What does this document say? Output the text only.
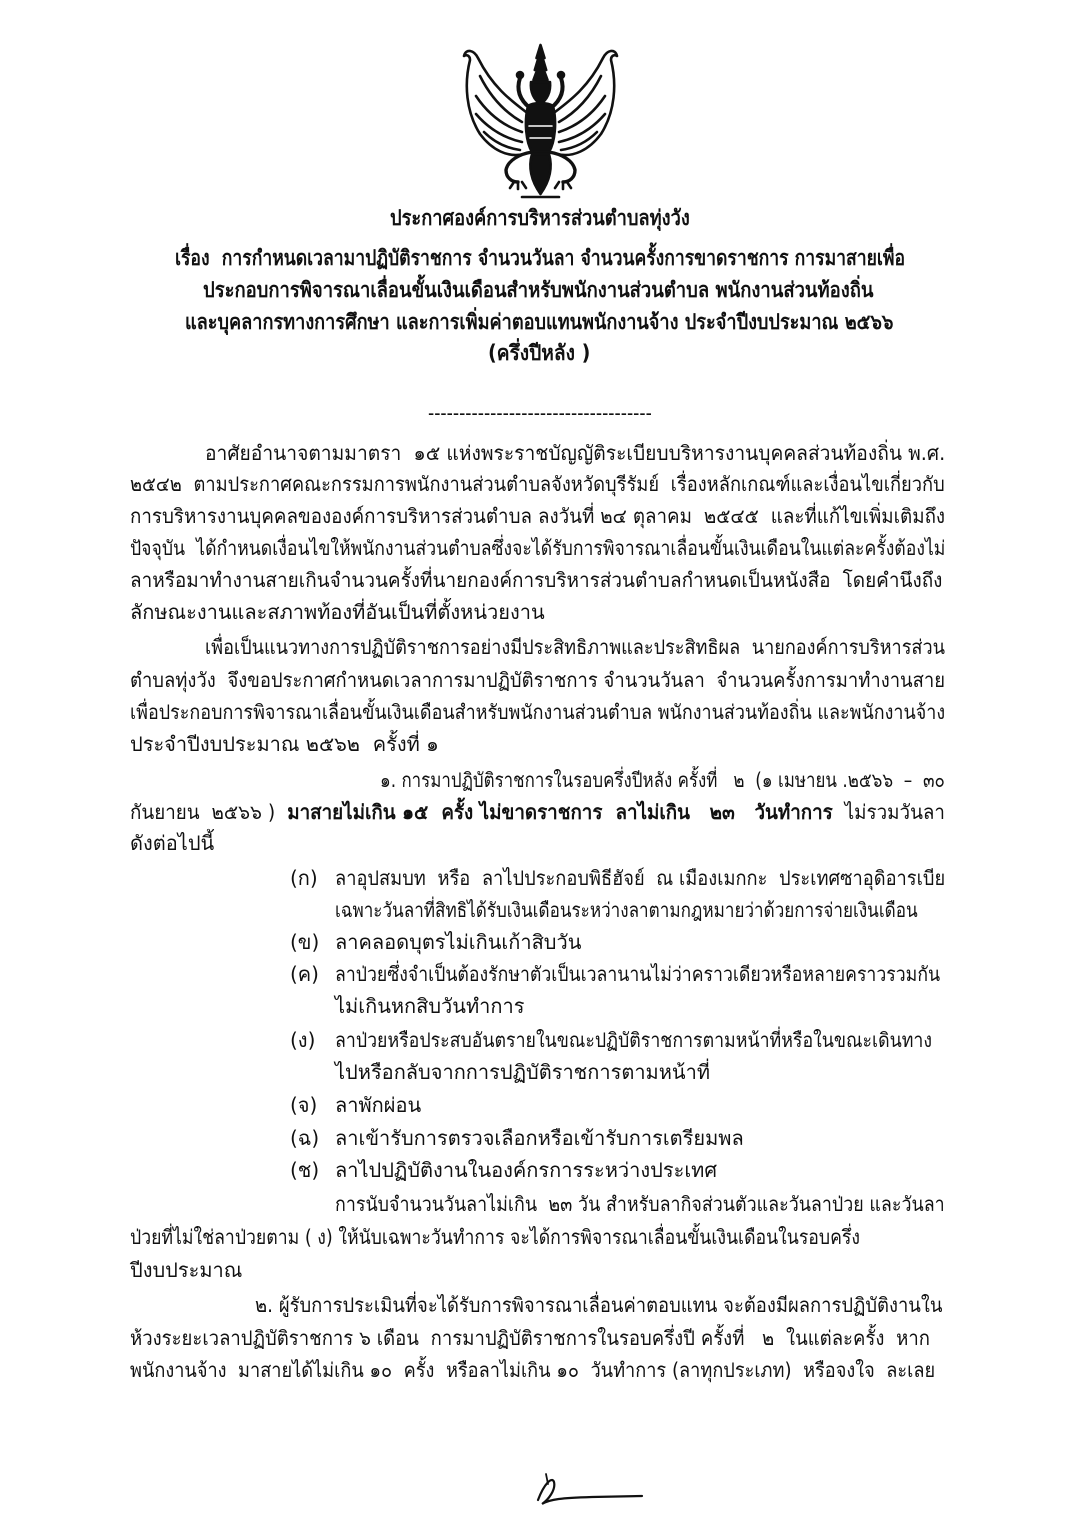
ประกาศองค์การบริหารส่วนตำบลทุ่งวัง
เรื่อง  การกำหนดเวลามาปฏิบัติราชการ จำนวนวันลา จำนวนครั้งการขาดราชการ การมาสายเพื่อ
ประกอบการพิจารณาเลื่อนขั้นเงินเดือนสำหรับพนักงานส่วนตำบล พนักงานส่วนท้องถิ่น
และบุคลากรทางการศึกษา และการเพิ่มค่าตอบแทนพนักงานจ้าง ประจำปีงบประมาณ ๒๕๖๖
(ครึ่งปีหลัง )
------------------------------------
อาศัยอำนาจตามมาตรา  ๑๕ แห่งพระราชบัญญัติระเบียบบริหารงานบุคคลส่วนท้องถิ่น พ.ศ.
๒๕๔๒  ตามประกาศคณะกรรมการพนักงานส่วนตำบลจังหวัดบุรีรัมย์  เรื่องหลักเกณฑ์และเงื่อนไขเกี่ยวกับ
การบริหารงานบุคคลขององค์การบริหารส่วนตำบล ลงวันที่ ๒๔ ตุลาคม  ๒๕๔๕  และที่แก้ไขเพิ่มเติมถึง
ปัจจุบัน  ได้กำหนดเงื่อนไขให้พนักงานส่วนตำบลซึ่งจะได้รับการพิจารณาเลื่อนขั้นเงินเดือนในแต่ละครั้งต้องไม่
ลาหรือมาทำงานสายเกินจำนวนครั้งที่นายกองค์การบริหารส่วนตำบลกำหนดเป็นหนังสือ  โดยคำนึงถึง
ลักษณะงานและสภาพท้องที่อันเป็นที่ตั้งหน่วยงาน
เพื่อเป็นแนวทางการปฏิบัติราชการอย่างมีประสิทธิภาพและประสิทธิผล  นายกองค์การบริหารส่วน
ตำบลทุ่งวัง  จึงขอประกาศกำหนดเวลาการมาปฏิบัติราชการ จำนวนวันลา  จำนวนครั้งการมาทำงานสาย
เพื่อประกอบการพิจารณาเลื่อนขั้นเงินเดือนสำหรับพนักงานส่วนตำบล พนักงานส่วนท้องถิ่น และพนักงานจ้าง
ประจำปีงบประมาณ ๒๕๖๒  ครั้งที่ ๑
๑. การมาปฏิบัติราชการในรอบครึ่งปีหลัง ครั้งที่   ๒  (๑ เมษายน .๒๕๖๖  –  ๓๐
กันยายน  ๒๕๖๖ )  มาสายไม่เกิน ๑๕  ครั้ง ไม่ขาดราชการ  ลาไม่เกิน   ๒๓   วันทำการ  ไม่รวมวันลา
ดังต่อไปนี้
(ก) ลาอุปสมบท  หรือ  ลาไปประกอบพิธีฮัจย์  ณ เมืองเมกกะ  ประเทศซาอุดิอารเบีย
เฉพาะวันลาที่สิทธิได้รับเงินเดือนระหว่างลาตามกฎหมายว่าด้วยการจ่ายเงินเดือน
(ข) ลาคลอดบุตรไม่เกินเก้าสิบวัน
(ค) ลาป่วยซึ่งจำเป็นต้องรักษาตัวเป็นเวลานานไม่ว่าคราวเดียวหรือหลายคราวรวมกัน
ไม่เกินหกสิบวันทำการ
(ง) ลาป่วยหรือประสบอันตรายในขณะปฏิบัติราชการตามหน้าที่หรือในขณะเดินทาง
ไปหรือกลับจากการปฏิบัติราชการตามหน้าที่
(จ) ลาพักผ่อน
(ฉ) ลาเข้ารับการตรวจเลือกหรือเข้ารับการเตรียมพล
(ช) ลาไปปฏิบัติงานในองค์กรการระหว่างประเทศ
การนับจำนวนวันลาไม่เกิน  ๒๓ วัน สำหรับลากิจส่วนตัวและวันลาป่วย และวันลา
ป่วยที่ไม่ใช่ลาป่วยตาม ( ง) ให้นับเฉพาะวันทำการ จะได้การพิจารณาเลื่อนขั้นเงินเดือนในรอบครึ่ง
ปีงบประมาณ
๒. ผู้รับการประเมินที่จะได้รับการพิจารณาเลื่อนค่าตอบแทน จะต้องมีผลการปฏิบัติงานใน
ห้วงระยะเวลาปฏิบัติราชการ ๖ เดือน  การมาปฏิบัติราชการในรอบครึ่งปี ครั้งที่   ๒  ในแต่ละครั้ง  หาก
พนักงานจ้าง  มาสายได้ไม่เกิน ๑๐  ครั้ง  หรือลาไม่เกิน ๑๐  วันทำการ (ลาทุกประเภท)  หรือจงใจ  ละเลย
